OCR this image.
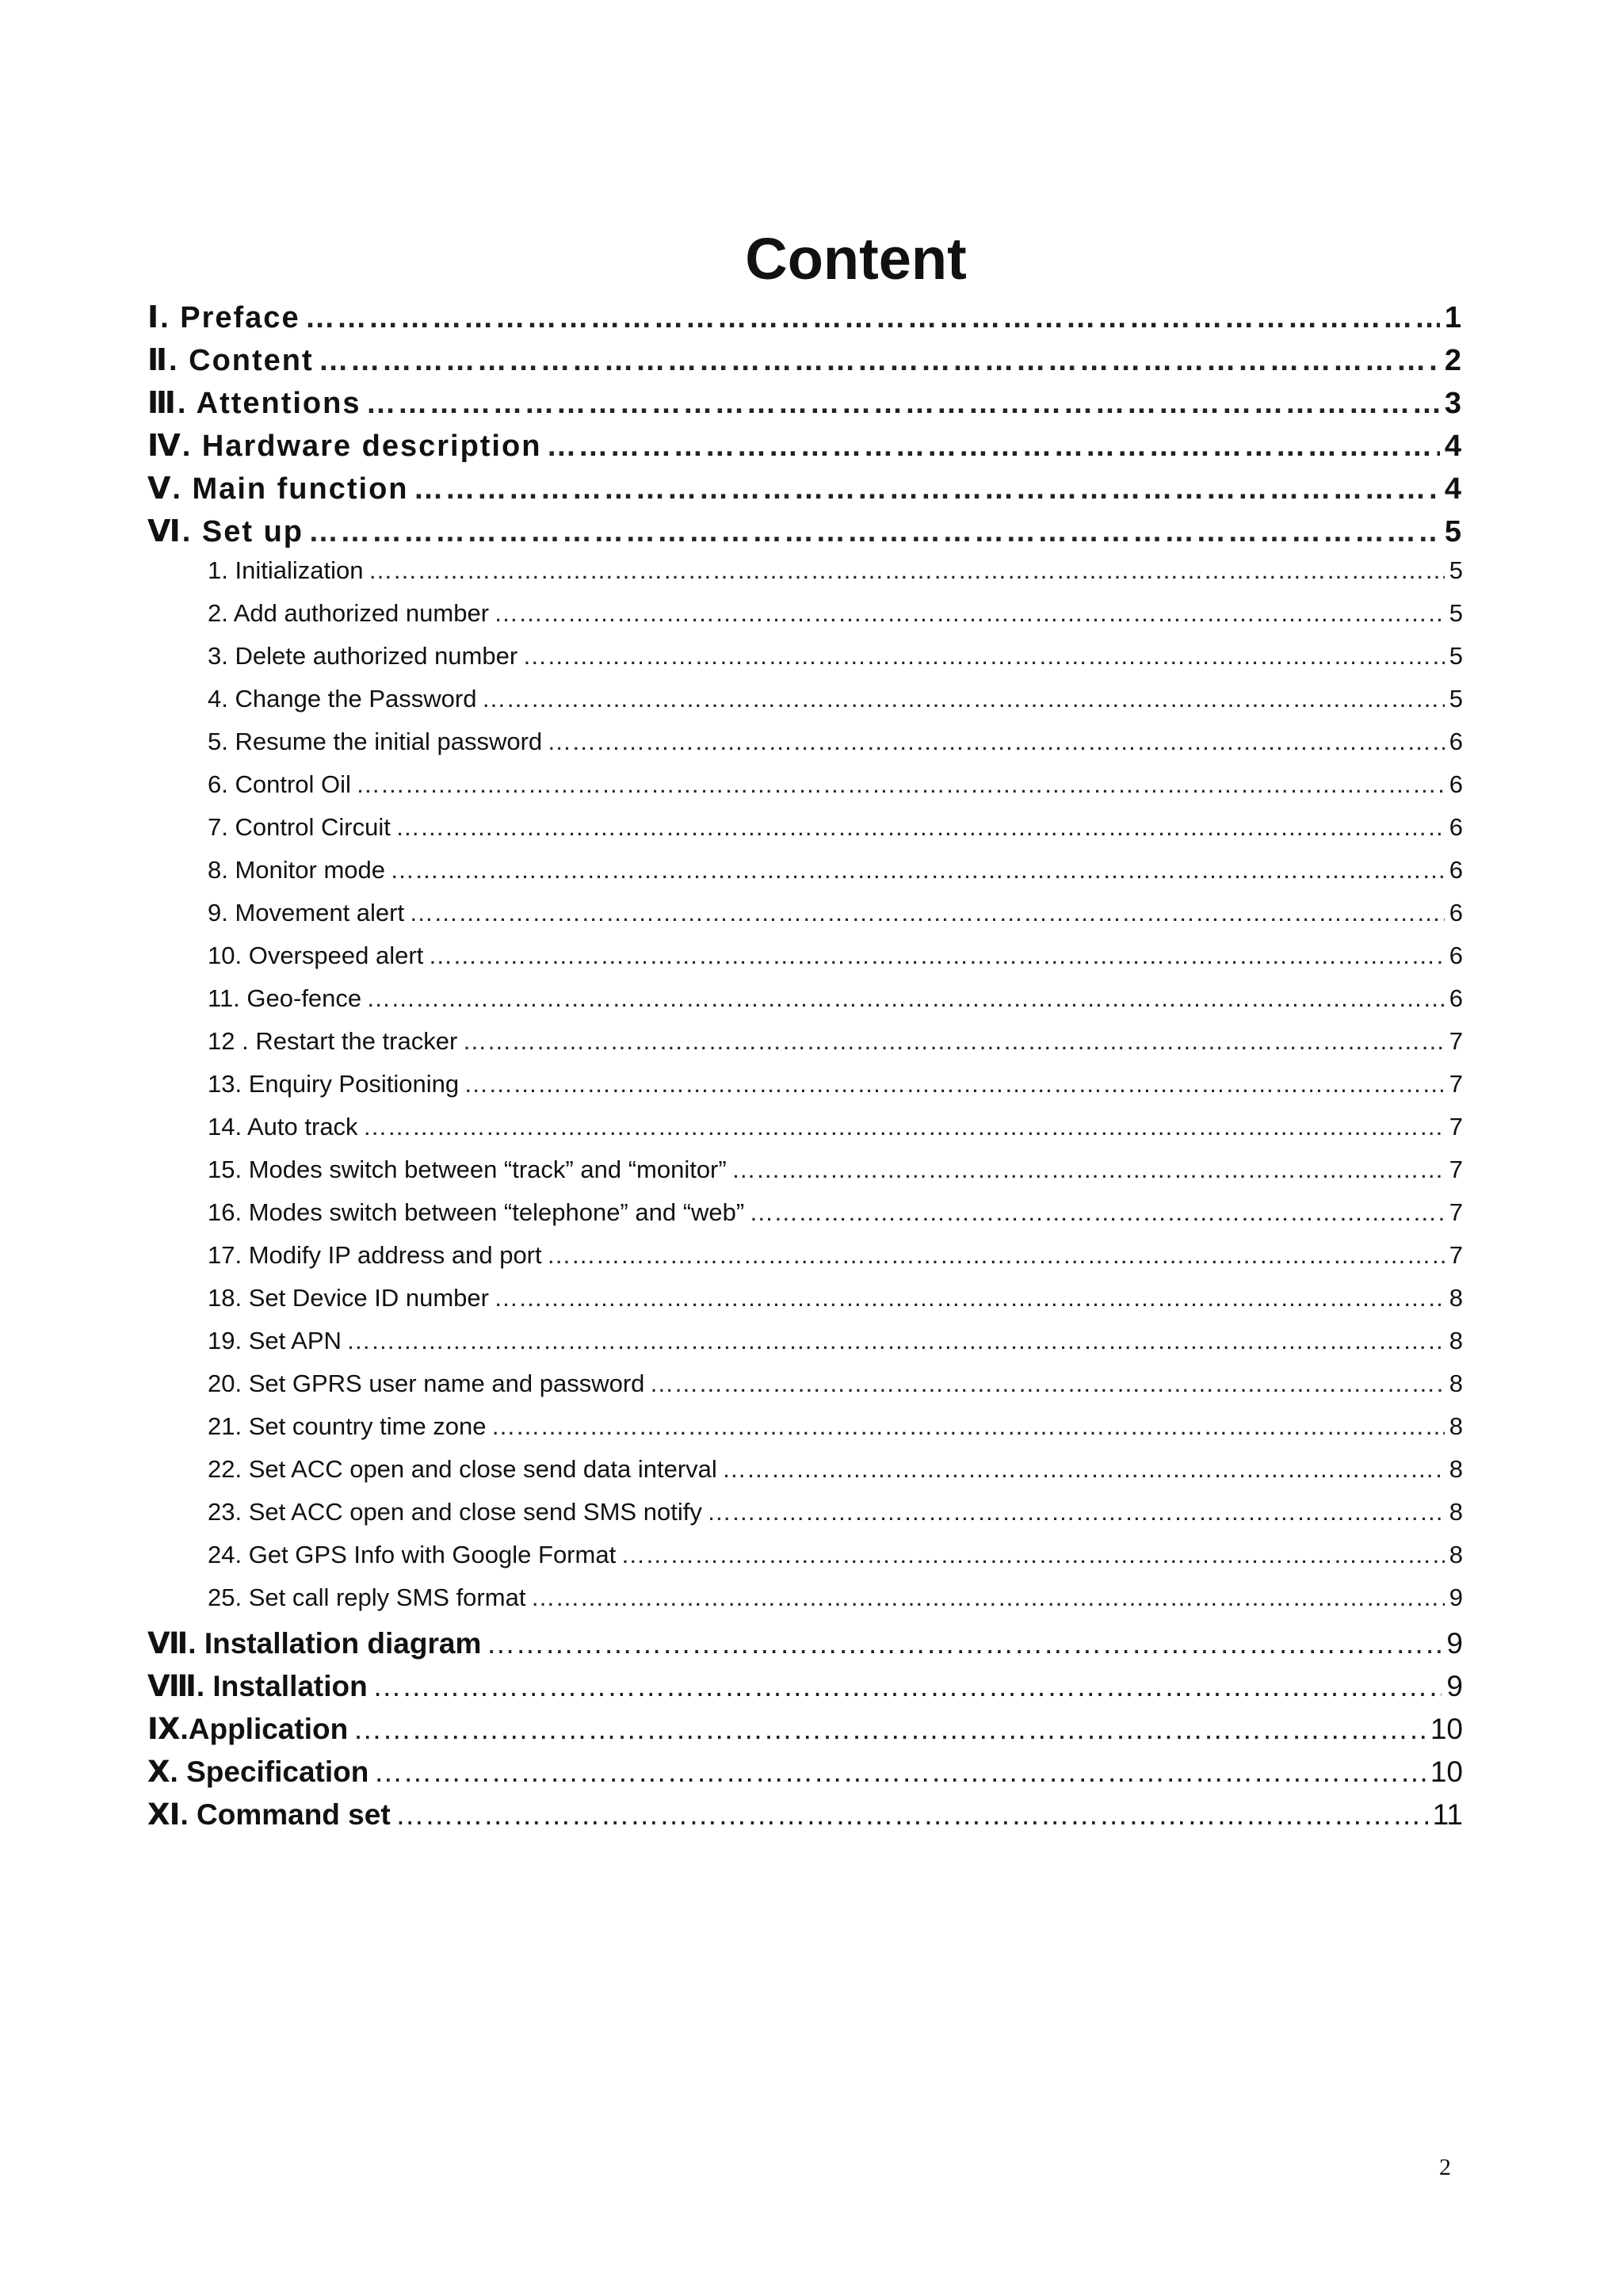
Content
Ⅰ. Preface …………………………………………………………………………………………………………………………………………………………………………………………………………………………………………………………………………………………………………………………………………………	1
Ⅱ. Content …………………………………………………………………………………………………………………………………………………………………………………………………………………………………………………………………………………………………………………………………………………	2
Ⅲ. Attentions …………………………………………………………………………………………………………………………………………………………………………………………………………………………………………………………………………………………………………………………………………………	3
Ⅳ. Hardware description …………………………………………………………………………………………………………………………………………………………………………………………………………………………………………………………………………………………………………………………………………………	4
Ⅴ. Main function …………………………………………………………………………………………………………………………………………………………………………………………………………………………………………………………………………………………………………………………………………………	4
Ⅵ. Set up …………………………………………………………………………………………………………………………………………………………………………………………………………………………………………………………………………………………………………………………………………………	5
1. Initialization …………………………………………………………………………………………………………………………………………………………………………………………………………………………………………………………………………………………………………………………………………………	5
2. Add authorized number …………………………………………………………………………………………………………………………………………………………………………………………………………………………………………………………………………………………………………………………………………………	5
3. Delete authorized number …………………………………………………………………………………………………………………………………………………………………………………………………………………………………………………………………………………………………………………………………………………	5
4. Change the Password …………………………………………………………………………………………………………………………………………………………………………………………………………………………………………………………………………………………………………………………………………………	5
5. Resume the initial password …………………………………………………………………………………………………………………………………………………………………………………………………………………………………………………………………………………………………………………………………………………	6
6. Control Oil …………………………………………………………………………………………………………………………………………………………………………………………………………………………………………………………………………………………………………………………………………………	6
7. Control Circuit …………………………………………………………………………………………………………………………………………………………………………………………………………………………………………………………………………………………………………………………………………………	6
8. Monitor mode …………………………………………………………………………………………………………………………………………………………………………………………………………………………………………………………………………………………………………………………………………………	6
9. Movement alert …………………………………………………………………………………………………………………………………………………………………………………………………………………………………………………………………………………………………………………………………………………	6
10. Overspeed alert …………………………………………………………………………………………………………………………………………………………………………………………………………………………………………………………………………………………………………………………………………………	6
11. Geo-fence …………………………………………………………………………………………………………………………………………………………………………………………………………………………………………………………………………………………………………………………………………………	6
12 . Restart the tracker …………………………………………………………………………………………………………………………………………………………………………………………………………………………………………………………………………………………………………………………………………………	7
13. Enquiry Positioning …………………………………………………………………………………………………………………………………………………………………………………………………………………………………………………………………………………………………………………………………………………	7
14. Auto track …………………………………………………………………………………………………………………………………………………………………………………………………………………………………………………………………………………………………………………………………………………	7
15. Modes switch between “track” and “monitor” …………………………………………………………………………………………………………………………………………………………………………………………………………………………………………………………………………………………………………………………………………………	7
16. Modes switch between “telephone” and “web” …………………………………………………………………………………………………………………………………………………………………………………………………………………………………………………………………………………………………………………………………………………	7
17. Modify IP address and port …………………………………………………………………………………………………………………………………………………………………………………………………………………………………………………………………………………………………………………………………………………	7
18. Set Device ID number …………………………………………………………………………………………………………………………………………………………………………………………………………………………………………………………………………………………………………………………………………………	8
19. Set APN …………………………………………………………………………………………………………………………………………………………………………………………………………………………………………………………………………………………………………………………………………………	8
20. Set GPRS user name and password …………………………………………………………………………………………………………………………………………………………………………………………………………………………………………………………………………………………………………………………………………………	8
21. Set country time zone …………………………………………………………………………………………………………………………………………………………………………………………………………………………………………………………………………………………………………………………………………………	8
22. Set ACC open and close send data interval …………………………………………………………………………………………………………………………………………………………………………………………………………………………………………………………………………………………………………………………………………………	8
23. Set ACC open and close send SMS notify …………………………………………………………………………………………………………………………………………………………………………………………………………………………………………………………………………………………………………………………………………………	8
24. Get GPS Info with Google Format …………………………………………………………………………………………………………………………………………………………………………………………………………………………………………………………………………………………………………………………………………………	8
25. Set call reply SMS format …………………………………………………………………………………………………………………………………………………………………………………………………………………………………………………………………………………………………………………………………………………	9
Ⅶ. Installation diagram …………………………………………………………………………………………………………………………………………………………………………………………………………………………………………………………………………………………………………………………………………………	9
Ⅷ. Installation …………………………………………………………………………………………………………………………………………………………………………………………………………………………………………………………………………………………………………………………………………………	9
Ⅸ.Application …………………………………………………………………………………………………………………………………………………………………………………………………………………………………………………………………………………………………………………………………………………	10
Ⅹ. Specification …………………………………………………………………………………………………………………………………………………………………………………………………………………………………………………………………………………………………………………………………………………	10
Ⅺ. Command set …………………………………………………………………………………………………………………………………………………………………………………………………………………………………………………………………………………………………………………………………………………	11
2
